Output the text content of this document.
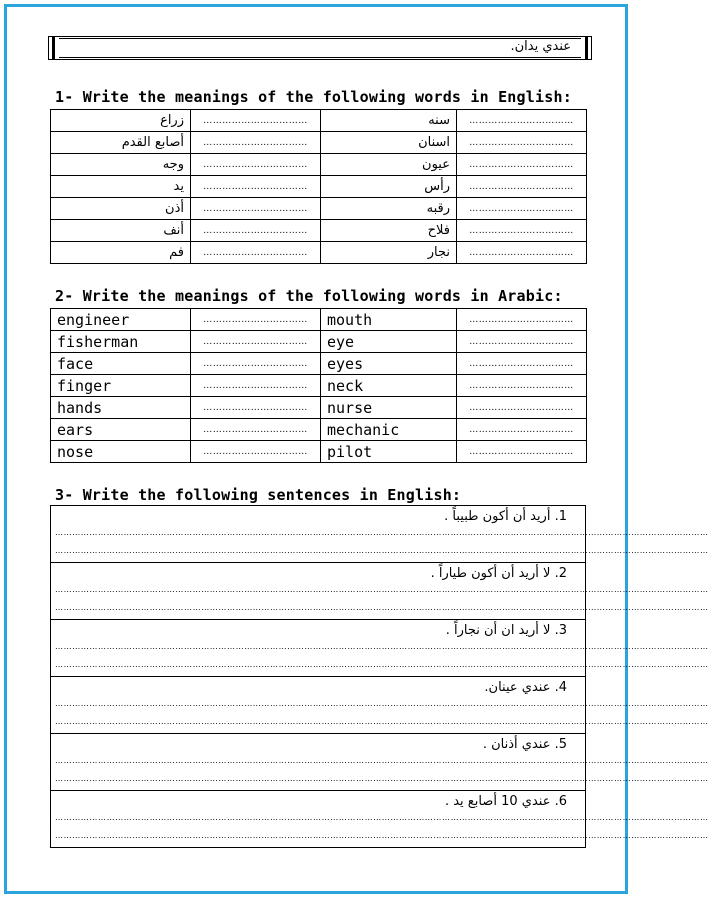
عندي يدان.
1- Write the meanings of the following words in English:
زراع	……………………………	سنه	……………………………
أصابع القدم	……………………………	اسنان	……………………………
وجه	……………………………	عيون	……………………………
يد	……………………………	رأس	……………………………
أذن	……………………………	رقبه	……………………………
أنف	……………………………	فلاح	……………………………
فم	……………………………	نجار	……………………………
2- Write the meanings of the following words in Arabic:
engineer	……………………………	mouth	……………………………
fisherman	……………………………	eye	……………………………
face	……………………………	eyes	……………………………
finger	……………………………	neck	……………………………
hands	……………………………	nurse	……………………………
ears	……………………………	mechanic	……………………………
nose	……………………………	pilot	……………………………
3- Write the following sentences in English:
1. أريد أن أكون طبيباً .
…………………………………………………………………………………………………………………………………………………………………………………………………………
…………………………………………………………………………………………………………………………………………………………………………………………………………
2. لا أريد أن أكون طياراً .
…………………………………………………………………………………………………………………………………………………………………………………………………………
…………………………………………………………………………………………………………………………………………………………………………………………………………
3. لا أريد ان أن نجاراً .
…………………………………………………………………………………………………………………………………………………………………………………………………………
…………………………………………………………………………………………………………………………………………………………………………………………………………
4. عندي عينان.
…………………………………………………………………………………………………………………………………………………………………………………………………………
…………………………………………………………………………………………………………………………………………………………………………………………………………
5. عندي أذنان .
…………………………………………………………………………………………………………………………………………………………………………………………………………
…………………………………………………………………………………………………………………………………………………………………………………………………………
6. عندي 10 أصابع يد .
…………………………………………………………………………………………………………………………………………………………………………………………………………
…………………………………………………………………………………………………………………………………………………………………………………………………………
